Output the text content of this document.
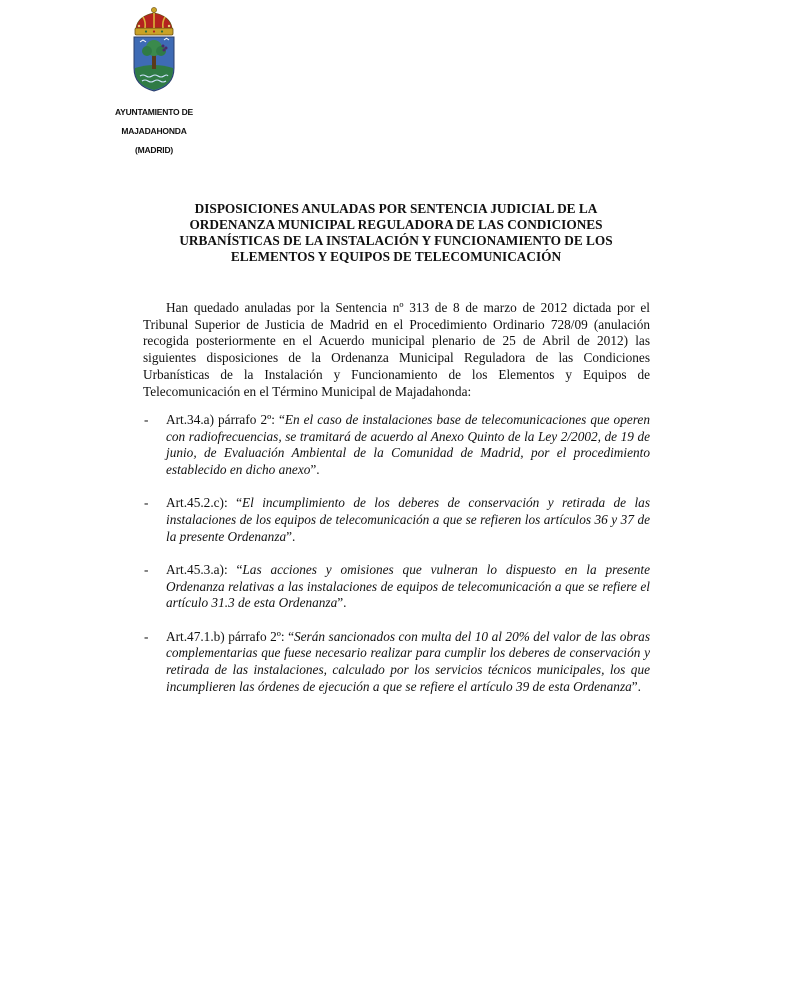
AYUNTAMIENTO DE
MAJADAHONDA
(MADRID)
DISPOSICIONES ANULADAS POR SENTENCIA JUDICIAL DE LA
ORDENANZA MUNICIPAL REGULADORA DE LAS CONDICIONES
URBANÍSTICAS DE LA INSTALACIÓN Y FUNCIONAMIENTO DE LOS
ELEMENTOS Y EQUIPOS DE TELECOMUNICACIÓN

Han quedado anuladas por la Sentencia nº 313 de 8 de marzo de 2012 dictada por el Tribunal Superior de Justicia de Madrid en el Procedimiento Ordinario 728/09 (anulación recogida posteriormente en el Acuerdo municipal plenario de 25 de Abril de 2012) las siguientes disposiciones de la Ordenanza Municipal Reguladora de las Condiciones Urbanísticas de la Instalación y Funcionamiento de los Elementos y Equipos de Telecomunicación en el Término Municipal de Majadahonda:

- Art.34.a) párrafo 2º: “En el caso de instalaciones base de telecomunicaciones que operen con radiofrecuencias, se tramitará de acuerdo al Anexo Quinto de la Ley 2/2002, de 19 de junio, de Evaluación Ambiental de la Comunidad de Madrid, por el procedimiento establecido en dicho anexo”.
- Art.45.2.c): “El incumplimiento de los deberes de conservación y retirada de las instalaciones de los equipos de telecomunicación a que se refieren los artículos 36 y 37 de la presente Ordenanza”.
- Art.45.3.a): “Las acciones y omisiones que vulneran lo dispuesto en la presente Ordenanza relativas a las instalaciones de equipos de telecomunicación a que se refiere el artículo 31.3 de esta Ordenanza”.
- Art.47.1.b) párrafo 2º: “Serán sancionados con multa del 10 al 20% del valor de las obras complementarias que fuese necesario realizar para cumplir los deberes de conservación y retirada de las instalaciones, calculado por los servicios técnicos municipales, los que incumplieren las órdenes de ejecución a que se refiere el artículo 39 de esta Ordenanza”.
